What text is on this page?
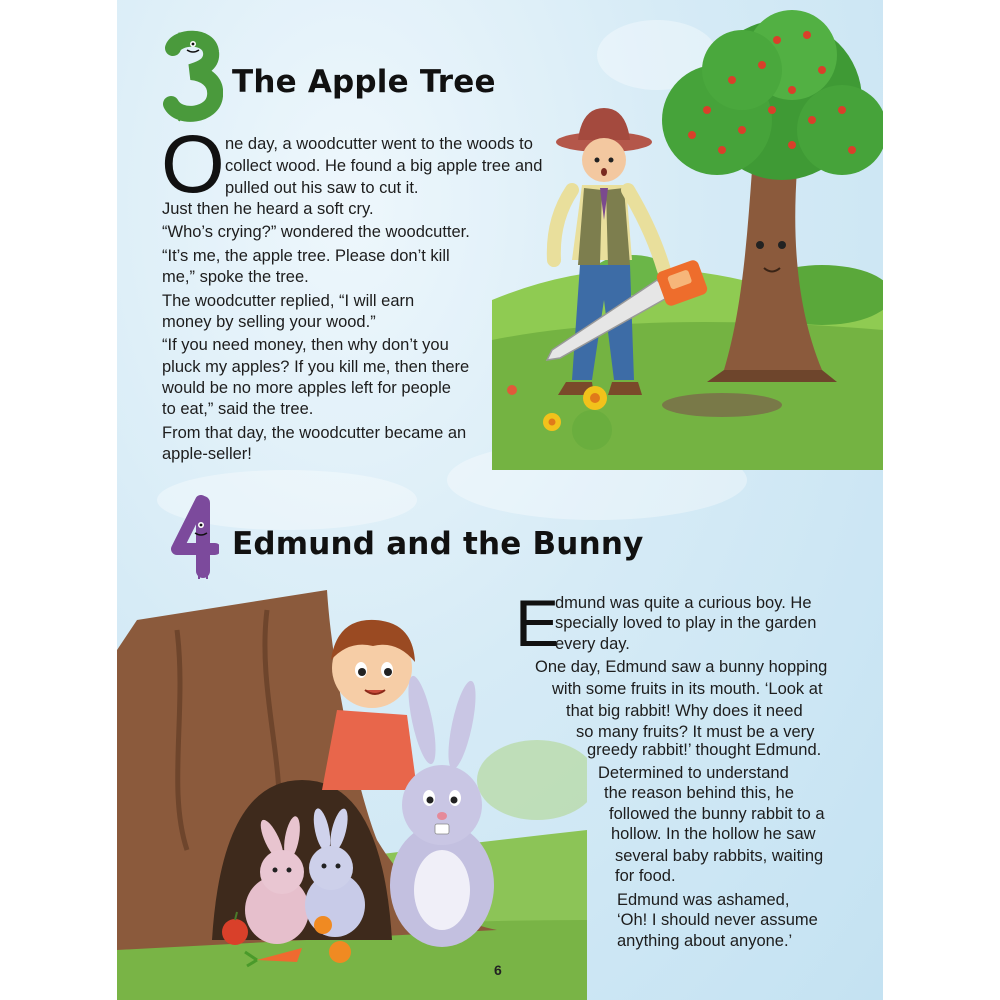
The Apple Tree
O ne day, a woodcutter went to the woods to
collect wood. He found a big apple tree and
pulled out his saw to cut it.
Just then he heard a soft cry.
“Who’s crying?” wondered the woodcutter.
“It’s me, the apple tree. Please don’t kill
me,” spoke the tree.
The woodcutter replied, “I will earn
money by selling your wood.”
“If you need money, then why don’t you
pluck my apples? If you kill me, then there
would be no more apples left for people
to eat,” said the tree.
From that day, the woodcutter became an
apple-seller!
Edmund and the Bunny
E
dmund was quite a curious boy. He
specially loved to play in the garden
every day.
One day, Edmund saw a bunny hopping
with some fruits in its mouth. ‘Look at
that big rabbit! Why does it need
so many fruits? It must be a very
greedy rabbit!’ thought Edmund.
Determined to understand
the reason behind this, he
followed the bunny rabbit to a
hollow. In the hollow he saw
several baby rabbits, waiting
for food.
Edmund was ashamed,
‘Oh! I should never assume
anything about anyone.’
6
